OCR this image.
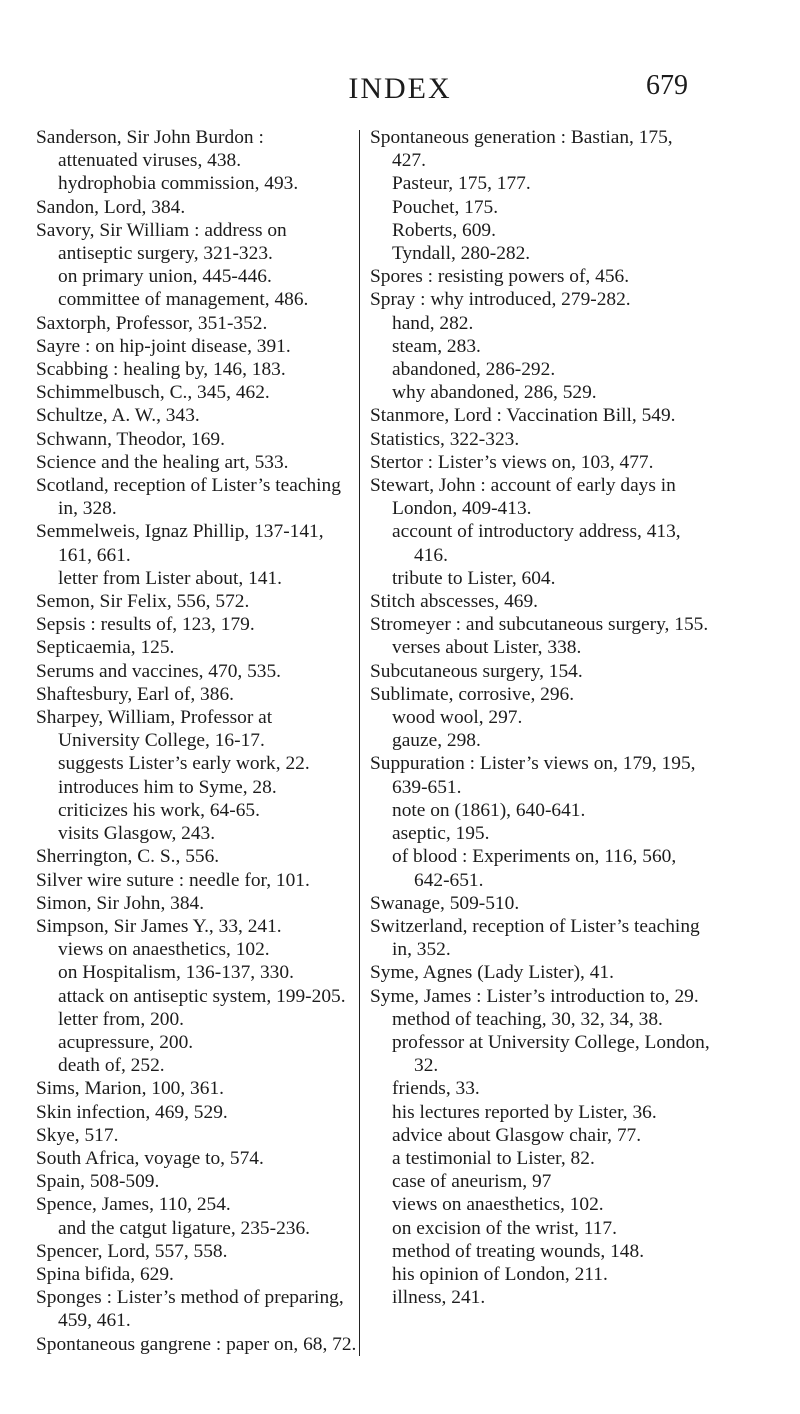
INDEX	679

Sanderson, Sir John Burdon :

attenuated viruses, 438.

hydrophobia commission, 493.

Sandon, Lord, 384.

Savory, Sir William : address on antiseptic surgery, 321-323.

on primary union, 445-446.

committee of management, 486.

Saxtorph, Professor, 351-352.

Sayre : on hip-joint disease, 391.

Scabbing : healing by, 146, 183.

Schimmelbusch, C., 345, 462.

Schultze, A. W., 343.

Schwann, Theodor, 169.

Science and the healing art, 533.

Scotland, reception of Lister’s teaching in, 328.

Semmelweis, Ignaz Phillip, 137-141, 161, 661.

letter from Lister about, 141.

Semon, Sir Felix, 556, 572.

Sepsis : results of, 123, 179.

Septicaemia, 125.

Serums and vaccines, 470, 535.

Shaftesbury, Earl of, 386.

Sharpey, William, Professor at University College, 16-17.

suggests Lister’s early work, 22.

introduces him to Syme, 28.

criticizes his work, 64-65.

visits Glasgow, 243.

Sherrington, C. S., 556.

Silver wire suture : needle for, 101.

Simon, Sir John, 384.

Simpson, Sir James Y., 33, 241.

views on anaesthetics, 102.

on Hospitalism, 136-137, 330.

attack on antiseptic system, 199-205.

letter from, 200.

acupressure, 200.

death of, 252.

Sims, Marion, 100, 361.

Skin infection, 469, 529.

Skye, 517.

South Africa, voyage to, 574.

Spain, 508-509.

Spence, James, 110, 254.

and the catgut ligature, 235-236.

Spencer, Lord, 557, 558.

Spina bifida, 629.

Sponges : Lister’s method of preparing, 459, 461.

Spontaneous gangrene : paper on, 68, 72.

Spontaneous generation : Bastian, 175, 427.

Pasteur, 175, 177.

Pouchet, 175.

Roberts, 609.

Tyndall, 280-282.

Spores : resisting powers of, 456.

Spray : why introduced, 279-282.

hand, 282.

steam, 283.

abandoned, 286-292.

why abandoned, 286, 529.

Stanmore, Lord : Vaccination Bill, 549.

Statistics, 322-323.

Stertor : Lister’s views on, 103, 477.

Stewart, John : account of early days in London, 409-413.

account of introductory address, 413, 416.

tribute to Lister, 604.

Stitch abscesses, 469.

Stromeyer : and subcutaneous surgery, 155.

verses about Lister, 338.

Subcutaneous surgery, 154.

Sublimate, corrosive, 296.

wood wool, 297.

gauze, 298.

Suppuration : Lister’s views on, 179, 195, 639-651.

note on (1861), 640-641.

aseptic, 195.

of blood : Experiments on, 116, 560, 642-651.

Swanage, 509-510.

Switzerland, reception of Lister’s teaching in, 352.

Syme, Agnes (Lady Lister), 41.

Syme, James : Lister’s introduction to, 29.

method of teaching, 30, 32, 34, 38.

professor at University College, London, 32.

friends, 33.

his lectures reported by Lister, 36.

advice about Glasgow chair, 77.

a testimonial to Lister, 82.

case of aneurism, 97

views on anaesthetics, 102.

on excision of the wrist, 117.

method of treating wounds, 148.

his opinion of London, 211.

illness, 241.
